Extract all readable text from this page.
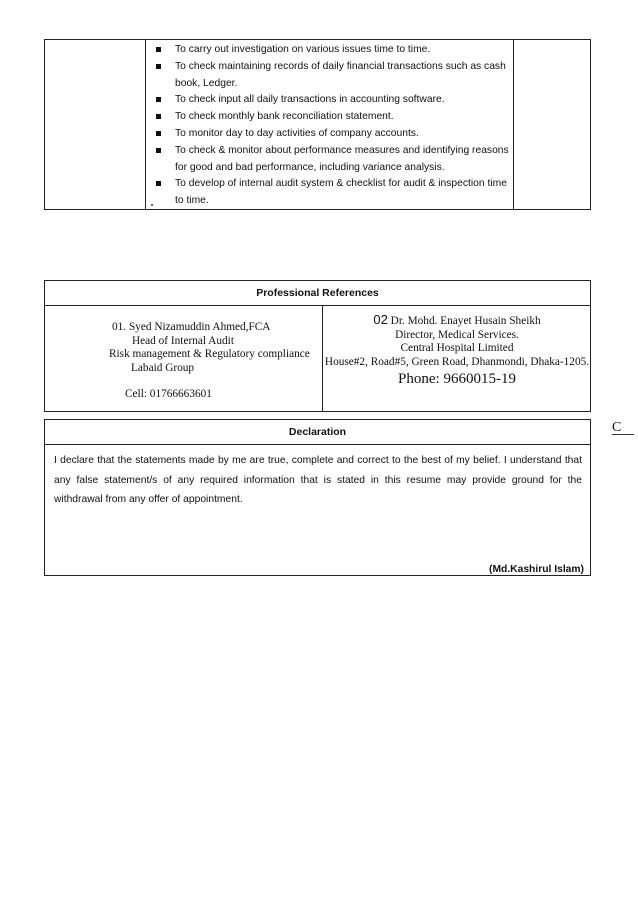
To carry out investigation on various issues time to time.
To check maintaining records of daily financial transactions such as cash book, Ledger.
To check input all daily transactions in accounting software.
To check monthly bank reconciliation statement.
To monitor day to day activities of company accounts.
To check & monitor about performance measures and identifying reasons for good and bad performance, including variance analysis.
To develop of internal audit system & checklist for audit & inspection time to time.
Professional References
01. Syed Nizamuddin Ahmed,FCA
Head of Internal Audit
Risk management & Regulatory compliance
Labaid Group
Cell: 01766663601
02 Dr. Mohd. Enayet Husain Sheikh
Director, Medical Services.
Central Hospital Limited
House#2, Road#5, Green Road, Dhanmondi, Dhaka-1205.
Phone: 9660015-19
Declaration
I declare that the statements made by me are true, complete and correct to the best of my belief. I understand that any false statement/s of any required information that is stated in this resume may provide ground for the withdrawal from any offer of appointment.
(Md.Kashirul Islam)
C
